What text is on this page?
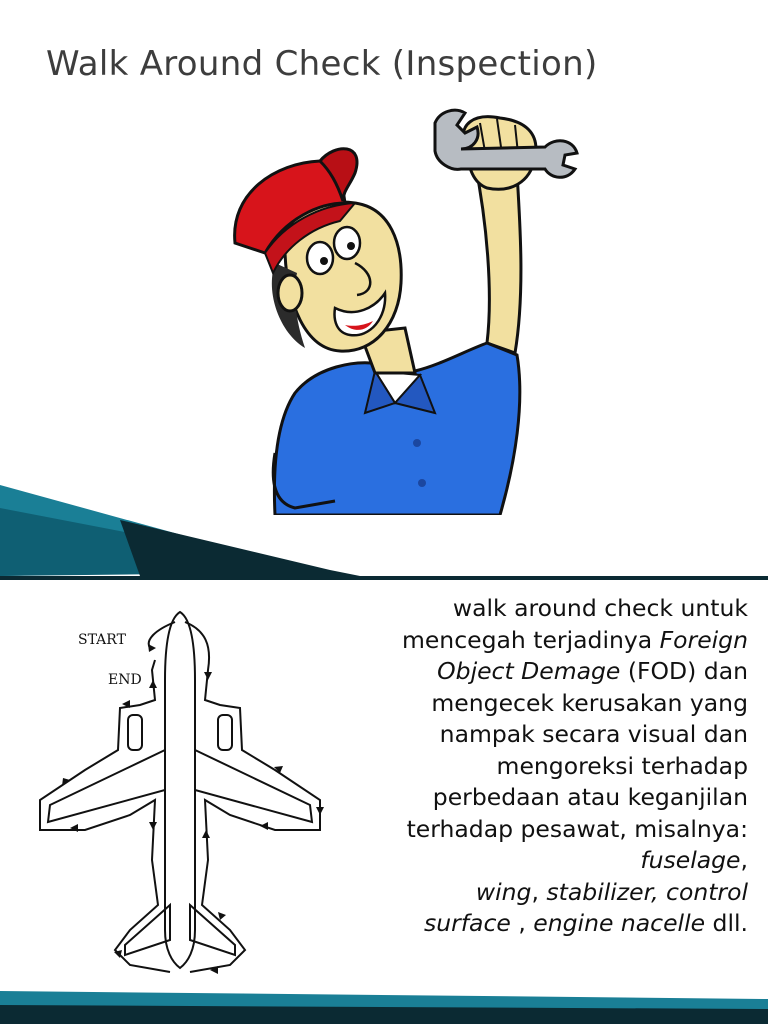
Walk Around Check (Inspection)
START
END
walk around check untuk
mencegah terjadinya Foreign
Object Demage (FOD) dan
mengecek kerusakan yang
nampak secara visual dan
mengoreksi terhadap
perbedaan atau keganjilan
terhadap pesawat, misalnya:
fuselage,
wing, stabilizer, control
surface , engine nacelle dll.
